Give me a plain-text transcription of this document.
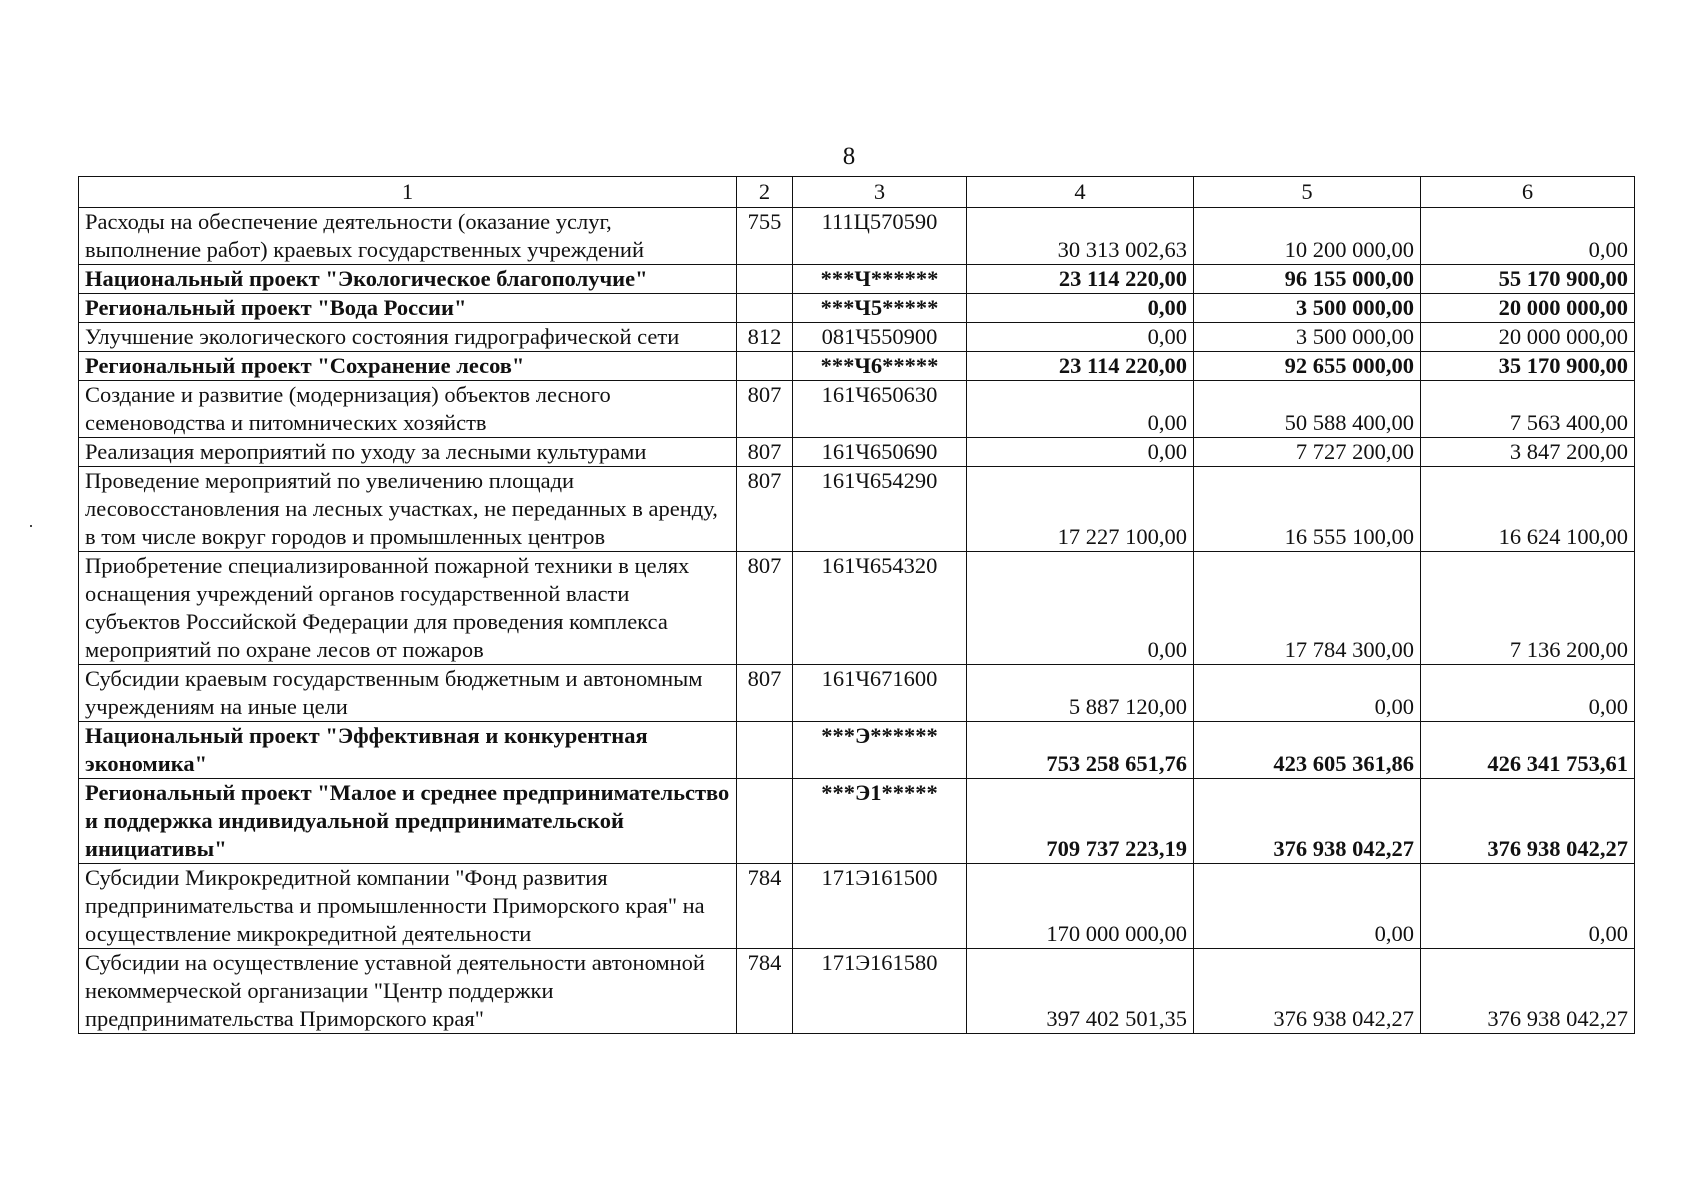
8
1	2	3	4	5	6
Расходы на обеспечение деятельности (оказание услуг, выполнение работ) краевых государственных учреждений	755	111Ц570590	30 313 002,63	10 200 000,00	0,00
Национальный проект "Экологическое благополучие"		***Ч******	23 114 220,00	96 155 000,00	55 170 900,00
Региональный проект "Вода России"		***Ч5*****	0,00	3 500 000,00	20 000 000,00
Улучшение экологического состояния гидрографической сети	812	081Ч550900	0,00	3 500 000,00	20 000 000,00
Региональный проект "Сохранение лесов"		***Ч6*****	23 114 220,00	92 655 000,00	35 170 900,00
Создание и развитие (модернизация) объектов лесного семеноводства и питомнических хозяйств	807	161Ч650630	0,00	50 588 400,00	7 563 400,00
Реализация мероприятий по уходу за лесными культурами	807	161Ч650690	0,00	7 727 200,00	3 847 200,00
Проведение мероприятий по увеличению площади лесовосстановления на лесных участках, не переданных в аренду, в том числе вокруг городов и промышленных центров	807	161Ч654290	17 227 100,00	16 555 100,00	16 624 100,00
Приобретение специализированной пожарной техники в целях оснащения учреждений органов государственной власти субъектов Российской Федерации для проведения комплекса мероприятий по охране лесов от пожаров	807	161Ч654320	0,00	17 784 300,00	7 136 200,00
Субсидии краевым государственным бюджетным и автономным учреждениям на иные цели	807	161Ч671600	5 887 120,00	0,00	0,00
Национальный проект "Эффективная и конкурентная экономика"		***Э******	753 258 651,76	423 605 361,86	426 341 753,61
Региональный проект "Малое и среднее предпринимательство и поддержка индивидуальной предпринимательской инициативы"		***Э1*****	709 737 223,19	376 938 042,27	376 938 042,27
Субсидии Микрокредитной компании "Фонд развития предпринимательства и промышленности Приморского края" на осуществление микрокредитной деятельности	784	171Э161500	170 000 000,00	0,00	0,00
Субсидии на осуществление уставной деятельности автономной некоммерческой организации "Центр поддержки предпринимательства Приморского края"	784	171Э161580	397 402 501,35	376 938 042,27	376 938 042,27
